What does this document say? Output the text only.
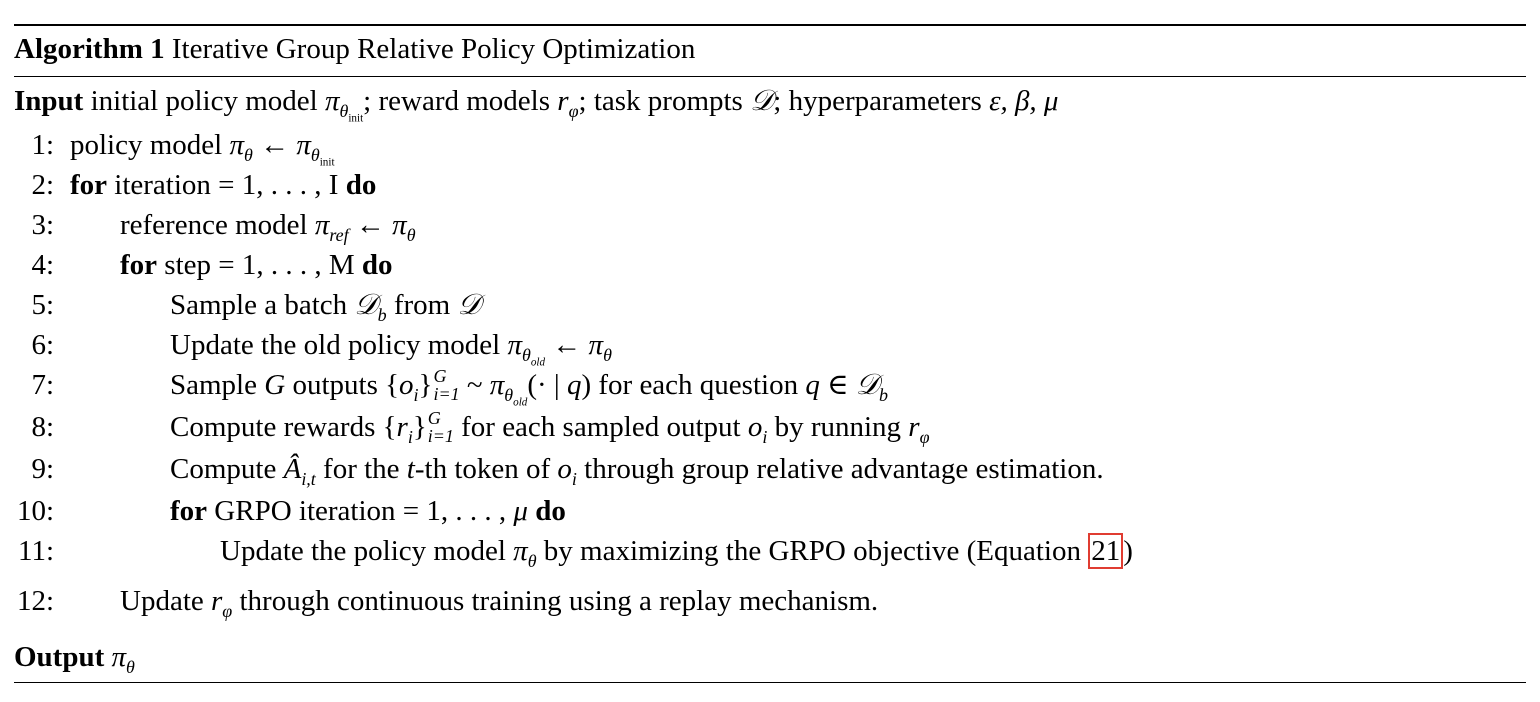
Algorithm 1 Iterative Group Relative Policy Optimization
Input initial policy model $\pi_{\theta_{init}}$; reward models $r_\varphi$; task prompts 𝒟; hyperparameters ε, β, μ
1: policy model $\pi_\theta$ ← $\pi_{\theta_{init}}$
2: for iteration = 1, . . . , I do
3: reference model $\pi_{ref}$ ← $\pi_\theta$
4: for step = 1, . . . , M do
5:	Sample a batch 𝒟$_b$ from 𝒟
6:	Update the old policy model $\pi_{\theta_{old}}$ ← $\pi_\theta$
7:	Sample G outputs $\{o_i\}$ G
i=1 ~ $\pi_{\theta_{old}}(\cdot$ | q) for each question q ∈ 𝒟$_b$
8:	Compute rewards $\{r_i\}$ G
i=1 for each sampled output $o_i$ by running $r_\varphi$
9:	Compute $Â_{i,t}$ for the t-th token of $o_i$ through group relative advantage estimation.
10:	for GRPO iteration = 1, . . . , μ do
11:	Update the policy model $\pi_\theta$ by maximizing the GRPO objective (Equation 21 )
12: Update $r_\varphi$ through continuous training using a replay mechanism.
Output $\pi_\theta$
